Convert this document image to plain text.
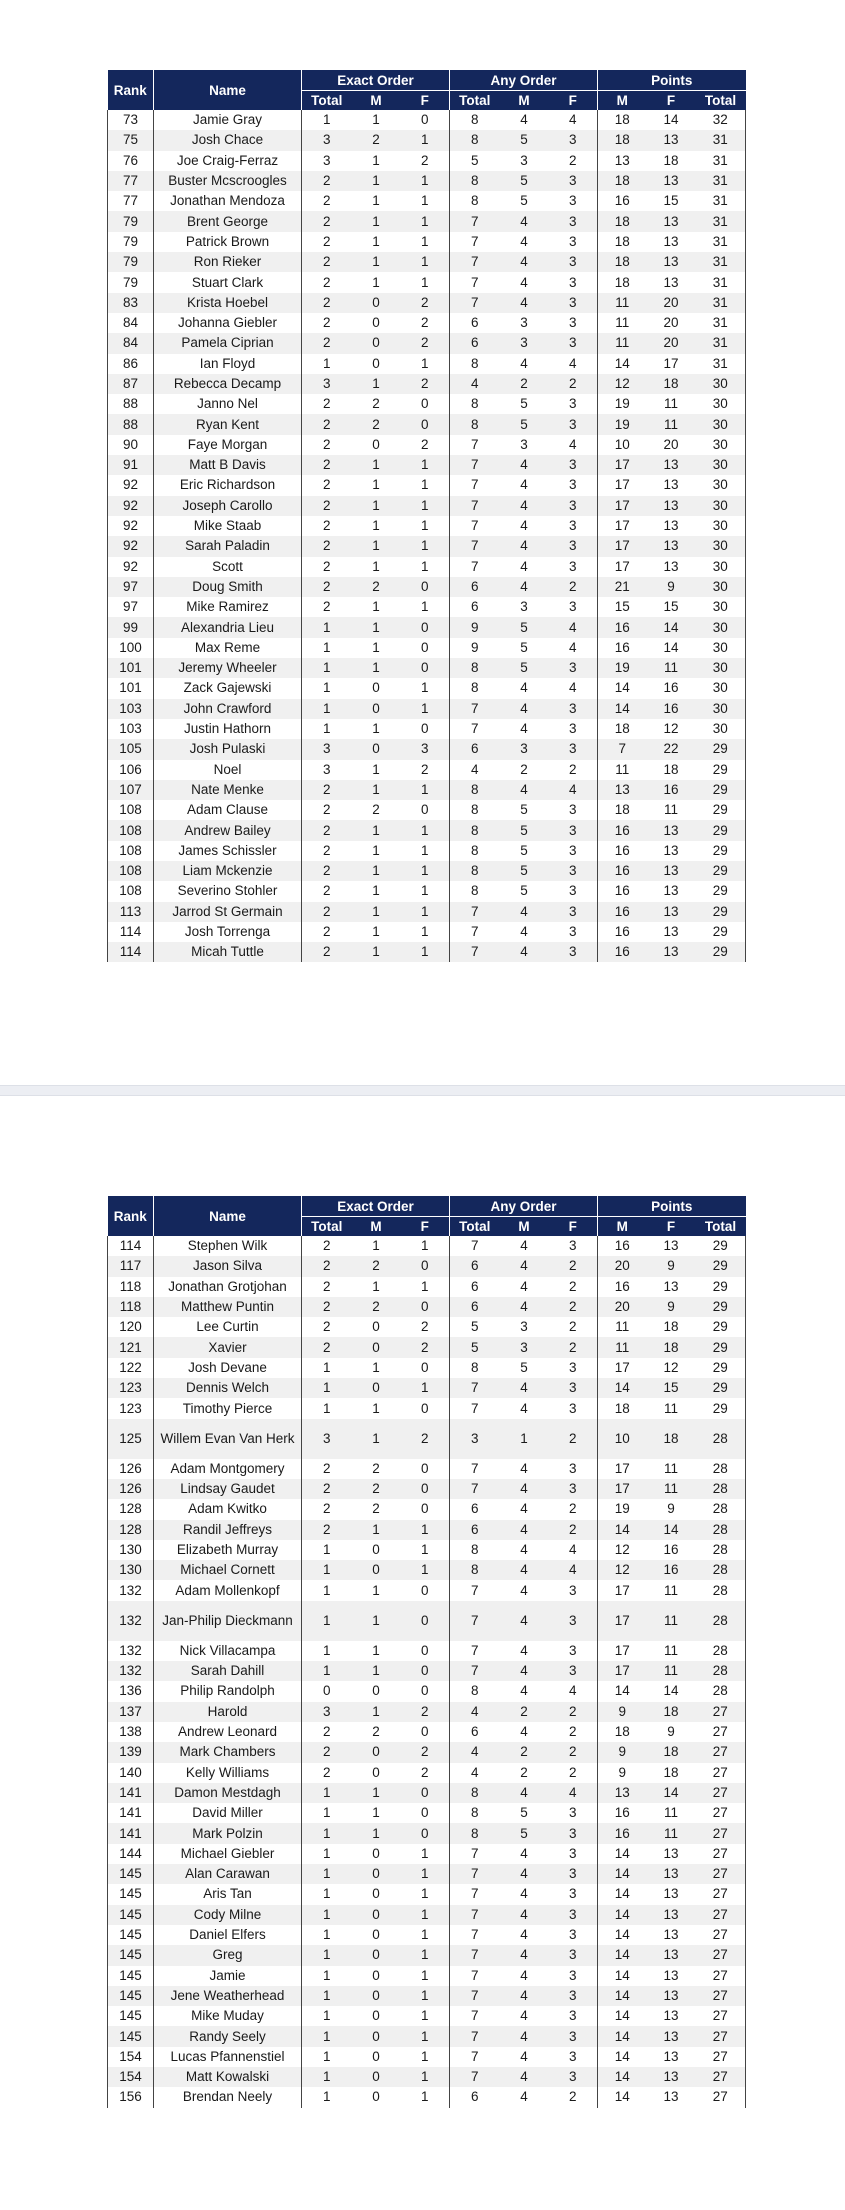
Rank	Name	Exact Order			Any Order			Points		
		Total	M	F	Total	M	F	M	F	Total
73	Jamie Gray	1	1	0	8	4	4	18	14	32
75	Josh Chace	3	2	1	8	5	3	18	13	31
76	Joe Craig-Ferraz	3	1	2	5	3	2	13	18	31
77	Buster Mcscroogles	2	1	1	8	5	3	18	13	31
77	Jonathan Mendoza	2	1	1	8	5	3	16	15	31
79	Brent George	2	1	1	7	4	3	18	13	31
79	Patrick Brown	2	1	1	7	4	3	18	13	31
79	Ron Rieker	2	1	1	7	4	3	18	13	31
79	Stuart Clark	2	1	1	7	4	3	18	13	31
83	Krista Hoebel	2	0	2	7	4	3	11	20	31
84	Johanna Giebler	2	0	2	6	3	3	11	20	31
84	Pamela Ciprian	2	0	2	6	3	3	11	20	31
86	Ian Floyd	1	0	1	8	4	4	14	17	31
87	Rebecca Decamp	3	1	2	4	2	2	12	18	30
88	Janno Nel	2	2	0	8	5	3	19	11	30
88	Ryan Kent	2	2	0	8	5	3	19	11	30
90	Faye Morgan	2	0	2	7	3	4	10	20	30
91	Matt B Davis	2	1	1	7	4	3	17	13	30
92	Eric Richardson	2	1	1	7	4	3	17	13	30
92	Joseph Carollo	2	1	1	7	4	3	17	13	30
92	Mike Staab	2	1	1	7	4	3	17	13	30
92	Sarah Paladin	2	1	1	7	4	3	17	13	30
92	Scott	2	1	1	7	4	3	17	13	30
97	Doug Smith	2	2	0	6	4	2	21	9	30
97	Mike Ramirez	2	1	1	6	3	3	15	15	30
99	Alexandria Lieu	1	1	0	9	5	4	16	14	30
100	Max Reme	1	1	0	9	5	4	16	14	30
101	Jeremy Wheeler	1	1	0	8	5	3	19	11	30
101	Zack Gajewski	1	0	1	8	4	4	14	16	30
103	John Crawford	1	0	1	7	4	3	14	16	30
103	Justin Hathorn	1	1	0	7	4	3	18	12	30
105	Josh Pulaski	3	0	3	6	3	3	7	22	29
106	Noel	3	1	2	4	2	2	11	18	29
107	Nate Menke	2	1	1	8	4	4	13	16	29
108	Adam Clause	2	2	0	8	5	3	18	11	29
108	Andrew Bailey	2	1	1	8	5	3	16	13	29
108	James Schissler	2	1	1	8	5	3	16	13	29
108	Liam Mckenzie	2	1	1	8	5	3	16	13	29
108	Severino Stohler	2	1	1	8	5	3	16	13	29
113	Jarrod St Germain	2	1	1	7	4	3	16	13	29
114	Josh Torrenga	2	1	1	7	4	3	16	13	29
114	Micah Tuttle	2	1	1	7	4	3	16	13	29
Rank	Name	Exact Order			Any Order			Points		
		Total	M	F	Total	M	F	M	F	Total
114	Stephen Wilk	2	1	1	7	4	3	16	13	29
117	Jason Silva	2	2	0	6	4	2	20	9	29
118	Jonathan Grotjohan	2	1	1	6	4	2	16	13	29
118	Matthew Puntin	2	2	0	6	4	2	20	9	29
120	Lee Curtin	2	0	2	5	3	2	11	18	29
121	Xavier	2	0	2	5	3	2	11	18	29
122	Josh Devane	1	1	0	8	5	3	17	12	29
123	Dennis Welch	1	0	1	7	4	3	14	15	29
123	Timothy Pierce	1	1	0	7	4	3	18	11	29
125	Willem Evan Van Herk	3	1	2	3	1	2	10	18	28
126	Adam Montgomery	2	2	0	7	4	3	17	11	28
126	Lindsay Gaudet	2	2	0	7	4	3	17	11	28
128	Adam Kwitko	2	2	0	6	4	2	19	9	28
128	Randil Jeffreys	2	1	1	6	4	2	14	14	28
130	Elizabeth Murray	1	0	1	8	4	4	12	16	28
130	Michael Cornett	1	0	1	8	4	4	12	16	28
132	Adam Mollenkopf	1	1	0	7	4	3	17	11	28
132	Jan-Philip Dieckmann	1	1	0	7	4	3	17	11	28
132	Nick Villacampa	1	1	0	7	4	3	17	11	28
132	Sarah Dahill	1	1	0	7	4	3	17	11	28
136	Philip Randolph	0	0	0	8	4	4	14	14	28
137	Harold	3	1	2	4	2	2	9	18	27
138	Andrew Leonard	2	2	0	6	4	2	18	9	27
139	Mark Chambers	2	0	2	4	2	2	9	18	27
140	Kelly Williams	2	0	2	4	2	2	9	18	27
141	Damon Mestdagh	1	1	0	8	4	4	13	14	27
141	David Miller	1	1	0	8	5	3	16	11	27
141	Mark Polzin	1	1	0	8	5	3	16	11	27
144	Michael Giebler	1	0	1	7	4	3	14	13	27
145	Alan Carawan	1	0	1	7	4	3	14	13	27
145	Aris Tan	1	0	1	7	4	3	14	13	27
145	Cody Milne	1	0	1	7	4	3	14	13	27
145	Daniel Elfers	1	0	1	7	4	3	14	13	27
145	Greg	1	0	1	7	4	3	14	13	27
145	Jamie	1	0	1	7	4	3	14	13	27
145	Jene Weatherhead	1	0	1	7	4	3	14	13	27
145	Mike Muday	1	0	1	7	4	3	14	13	27
145	Randy Seely	1	0	1	7	4	3	14	13	27
154	Lucas Pfannenstiel	1	0	1	7	4	3	14	13	27
154	Matt Kowalski	1	0	1	7	4	3	14	13	27
156	Brendan Neely	1	0	1	6	4	2	14	13	27
